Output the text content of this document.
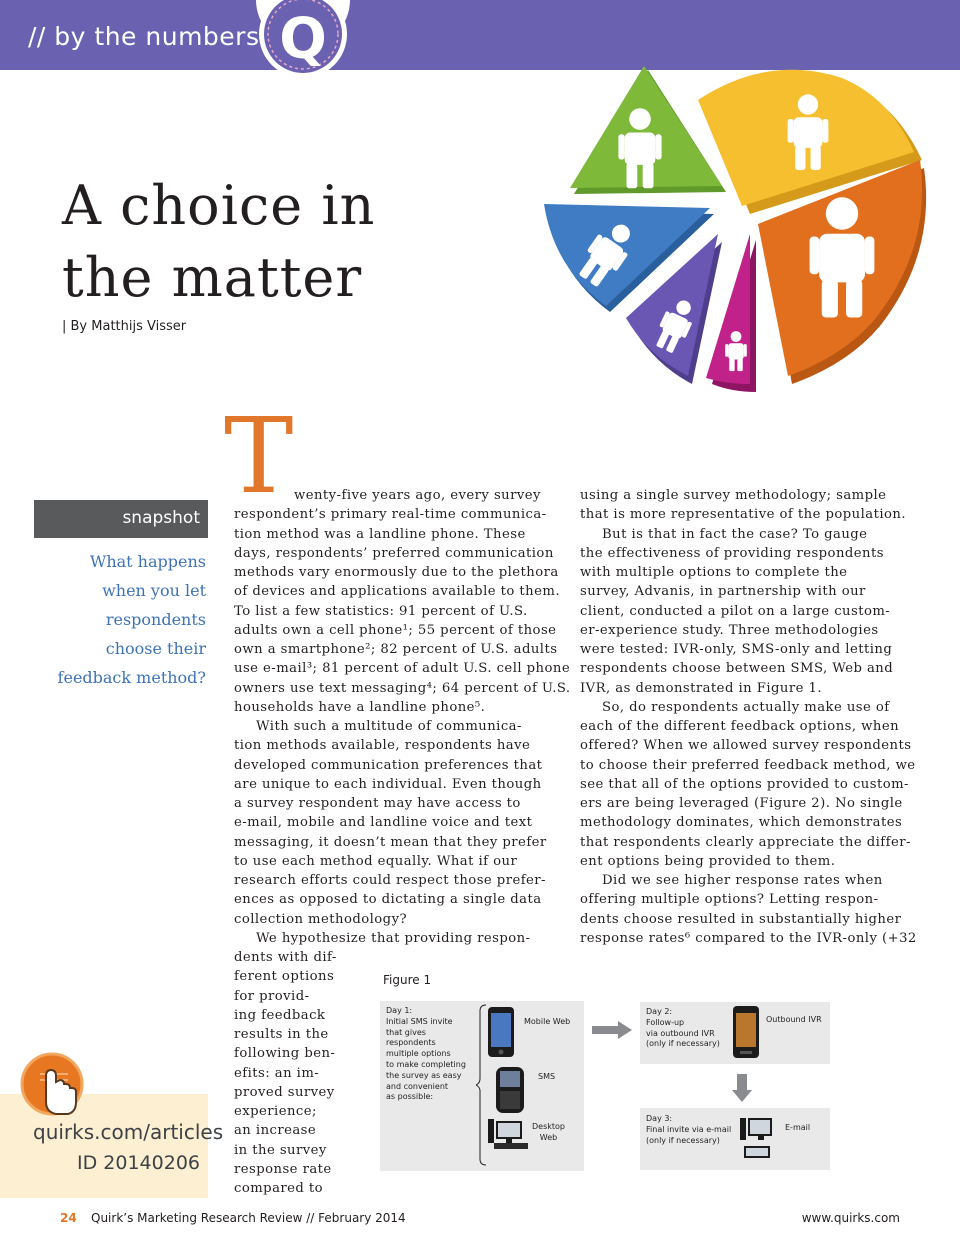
// by the numbers Q
A choice in
the matter
| By Matthijs Visser
snapshot
What happens
when you let
respondents
choose their
feedback method?
T wenty-five years ago, every survey
respondent’s primary real-time communica-
tion method was a landline phone. These
days, respondents’ preferred communication
methods vary enormously due to the plethora
of devices and applications available to them.
To list a few statistics: 91 percent of U.S.
adults own a cell phone¹; 55 percent of those
own a smartphone²; 82 percent of U.S. adults
use e-mail³; 81 percent of adult U.S. cell phone
owners use text messaging⁴; 64 percent of U.S.
households have a landline phone⁵.
With such a multitude of communica-
tion methods available, respondents have
developed communication preferences that
are unique to each individual. Even though
a survey respondent may have access to
e-mail, mobile and landline voice and text
messaging, it doesn’t mean that they prefer
to use each method equally. What if our
research efforts could respect those prefer-
ences as opposed to dictating a single data
collection methodology?
We hypothesize that providing respon-
dents with dif-
ferent options
for provid-
ing feedback
results in the
following ben-
efits: an im-
proved survey
experience;
an increase
in the survey
response rate
compared to
using a single survey methodology; sample
that is more representative of the population.
But is that in fact the case? To gauge
the effectiveness of providing respondents
with multiple options to complete the
survey, Advanis, in partnership with our
client, conducted a pilot on a large custom-
er-experience study. Three methodologies
were tested: IVR-only, SMS-only and letting
respondents choose between SMS, Web and
IVR, as demonstrated in Figure 1.
So, do respondents actually make use of
each of the different feedback options, when
offered? When we allowed survey respondents
to choose their preferred feedback method, we
see that all of the options provided to custom-
ers are being leveraged (Figure 2). No single
methodology dominates, which demonstrates
that respondents clearly appreciate the differ-
ent options being provided to them.
Did we see higher response rates when
offering multiple options? Letting respon-
dents choose resulted in substantially higher
response rates⁶ compared to the IVR-only (+32
Figure 1
Day 1:
Initial SMS invite
that gives
respondents
multiple options
to make completing
the survey as easy
and convenient
as possible:
Mobile Web
SMS
Desktop
Web
Day 2:
Follow-up
via outbound IVR
(only if necessary)
Outbound IVR
Day 3:
Final invite via e-mail
(only if necessary)
E-mail
quirks.com/articles
ID 20140206
24 Quirk’s Marketing Research Review // February 2014	www.quirks.com
